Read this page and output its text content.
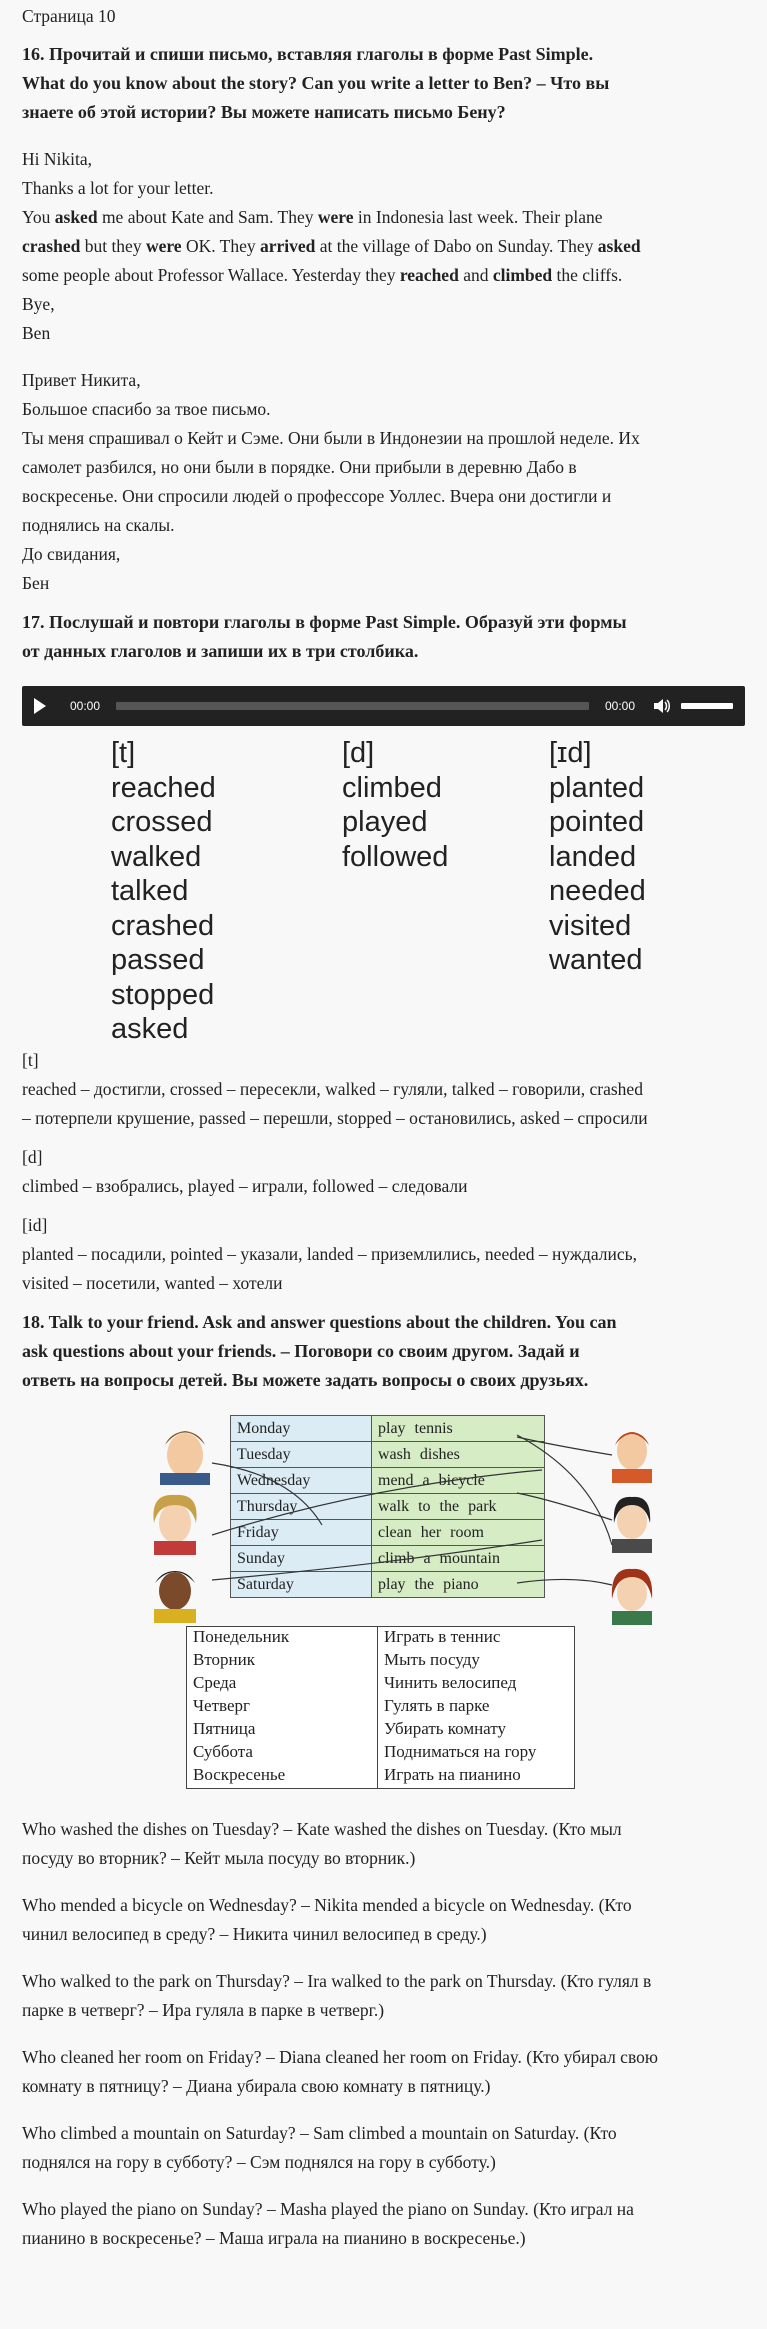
Страница 10
16. Прочитай и спиши письмо, вставляя глаголы в форме Past Simple.
What do you know about the story? Can you write a letter to Ben? – Что вы
знаете об этой истории? Вы можете написать письмо Бену?
Hi Nikita,
Thanks a lot for your letter.
You asked me about Kate and Sam. They were in Indonesia last week. Their plane
crashed but they were OK. They arrived at the village of Dabo on Sunday. They asked
some people about Professor Wallace. Yesterday they reached and climbed the cliffs.
Bye,
Ben
Привет Никита,
Большое спасибо за твое письмо.
Ты меня спрашивал о Кейт и Сэме. Они были в Индонезии на прошлой неделе. Их
самолет разбился, но они были в порядке. Они прибыли в деревню Дабо в
воскресенье. Они спросили людей о профессоре Уоллес. Вчера они достигли и
поднялись на скалы.
До свидания,
Бен
17. Послушай и повтори глаголы в форме Past Simple. Образуй эти формы
от данных глаголов и запиши их в три столбика.
00:00	00:00
[t]
reached
crossed
walked
talked
crashed
passed
stopped
asked
[d]
climbed
played
followed
[ɪd]
planted
pointed
landed
needed
visited
wanted
[t]
reached – достигли, crossed – пересекли, walked – гуляли, talked – говорили, crashed
– потерпели крушение, passed – перешли, stopped – остановились, asked – спросили
[d]
climbed – взобрались, played – играли, followed – следовали
[id]
planted – посадили, pointed – указали, landed – приземлились, needed – нуждались,
visited – посетили, wanted – хотели
18. Talk to your friend. Ask and answer questions about the children. You can
ask questions about your friends. – Поговори со своим другом. Задай и
ответь на вопросы детей. Вы можете задать вопросы о своих друзьях.
Monday	play tennis
Tuesday	wash dishes
Wednesday	mend a bicycle
Thursday	walk to the park
Friday	clean her room
Sunday	climb a mountain
Saturday	play the piano
Понедельник	Играть в теннис
Вторник	Мыть посуду
Среда	Чинить велосипед
Четверг	Гулять в парке
Пятница	Убирать комнату
Суббота	Подниматься на гору
Воскресенье	Играть на пианино
Who washed the dishes on Tuesday? – Kate washed the dishes on Tuesday. (Кто мыл
посуду во вторник? – Кейт мыла посуду во вторник.)
Who mended a bicycle on Wednesday? – Nikita mended a bicycle on Wednesday. (Кто
чинил велосипед в среду? – Никита чинил велосипед в среду.)
Who walked to the park on Thursday? – Ira walked to the park on Thursday. (Кто гулял в
парке в четверг? – Ира гуляла в парке в четверг.)
Who cleaned her room on Friday? – Diana cleaned her room on Friday. (Кто убирал свою
комнату в пятницу? – Диана убирала свою комнату в пятницу.)
Who climbed a mountain on Saturday? – Sam climbed a mountain on Saturday. (Кто
поднялся на гору в субботу? – Сэм поднялся на гору в субботу.)
Who played the piano on Sunday? – Masha played the piano on Sunday. (Кто играл на
пианино в воскресенье? – Маша играла на пианино в воскресенье.)
